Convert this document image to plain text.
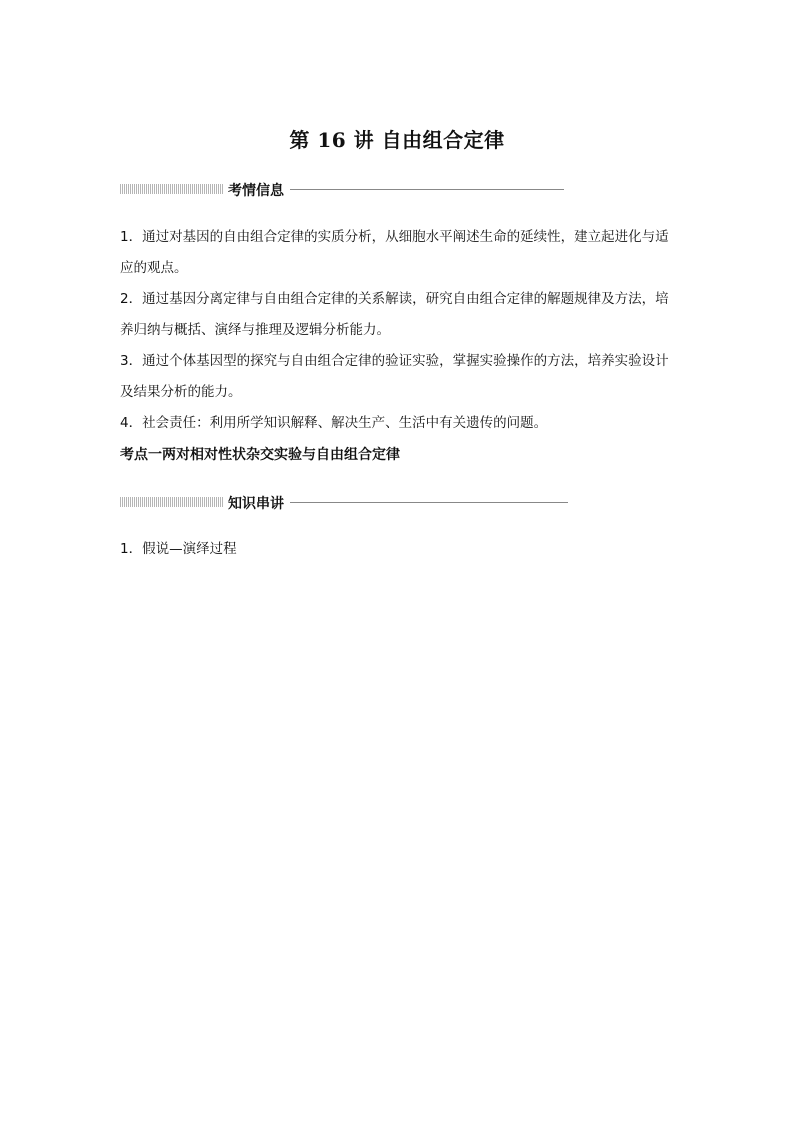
第 16 讲 自由组合定律
考情信息

1．通过对基因的自由组合定律的实质分析，从细胞水平阐述生命的延续性，建立起进化与适应的观点。

2．通过基因分离定律与自由组合定律的关系解读，研究自由组合定律的解题规律及方法，培养归纳与概括、演绎与推理及逻辑分析能力。

3．通过个体基因型的探究与自由组合定律的验证实验，掌握实验操作的方法，培养实验设计及结果分析的能力。

4．社会责任：利用所学知识解释、解决生产、生活中有关遗传的问题。

考点一两对相对性状杂交实验与自由组合定律

知识串讲

1．假说—演绎过程
